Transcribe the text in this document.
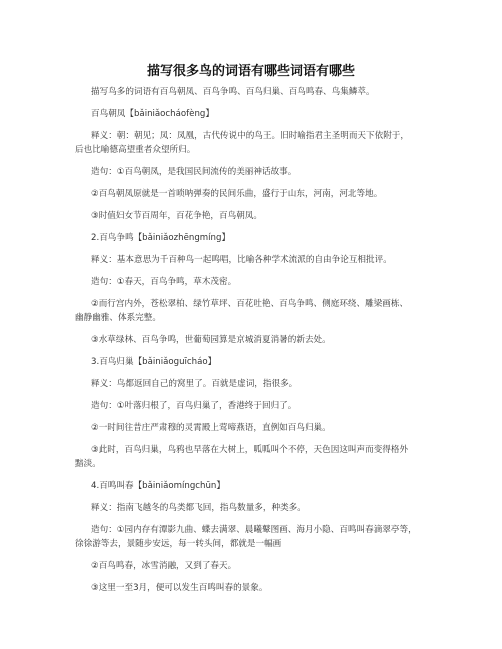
描写很多鸟的词语有哪些词语有哪些

描写鸟多的词语有百鸟朝凤、百鸟争鸣、百鸟归巢、百鸟鸣春、鸟集鳞萃。

百鸟朝凤【bǎiniǎocháofèng】

释义：朝：朝见；凤：凤凰，古代传说中的鸟王。旧时喻指君主圣明而天下依附于，

后也比喻德高望重者众望所归。

造句：①百鸟朝凤，是我国民间流传的美丽神话故事。

②百鸟朝凤原就是一首唢呐弹奏的民间乐曲，盛行于山东，河南，河北等地。

③时值妇女节百周年，百花争艳，百鸟朝凤。

2.百鸟争鸣【bǎiniǎozhēngmíng】

释义：基本意思为千百种鸟一起鸣唱，比喻各种学术流派的自由争论互相批评。

造句：①春天，百鸟争鸣，草木茂密。

②而行宫内外，苍松翠柏、绿竹草坪、百花吐艳、百鸟争鸣、侧庭环绕、雕梁画栋、

幽静幽雅、体系完整。

③水草绿林、百鸟争鸣，世葡萄园算是京城消夏消暑的新去处。

3.百鸟归巢【bǎiniǎoguīcháo】

释义：鸟都返回自己的窝里了。百就是虚词，指很多。

造句：①叶落归根了，百鸟归巢了，香港终于回归了。

②一时间往昔庄严肃穆的灵霄殿上莺啼燕语，直例如百鸟归巢。

③此时，百鸟归巢，鸟鸦也早落在大树上，呱呱叫个不停，天色因这叫声而变得格外

黯淡。

4.百鸣叫春【bǎiniǎomíngchūn】

释义：指南飞越冬的鸟类都飞回，指鸟数量多，种类多。

造句：①园内存有潭影九曲、蝶去满翠、晨曦鼙图画、海月小隐、百鸣叫春滴翠亭等，

徐徐游等去，景随步安远，每一转头间，都就是一幅画

②百鸟鸣春，冰雪消融，又到了春天。

③这里一至3月，便可以发生百鸣叫春的景象。
